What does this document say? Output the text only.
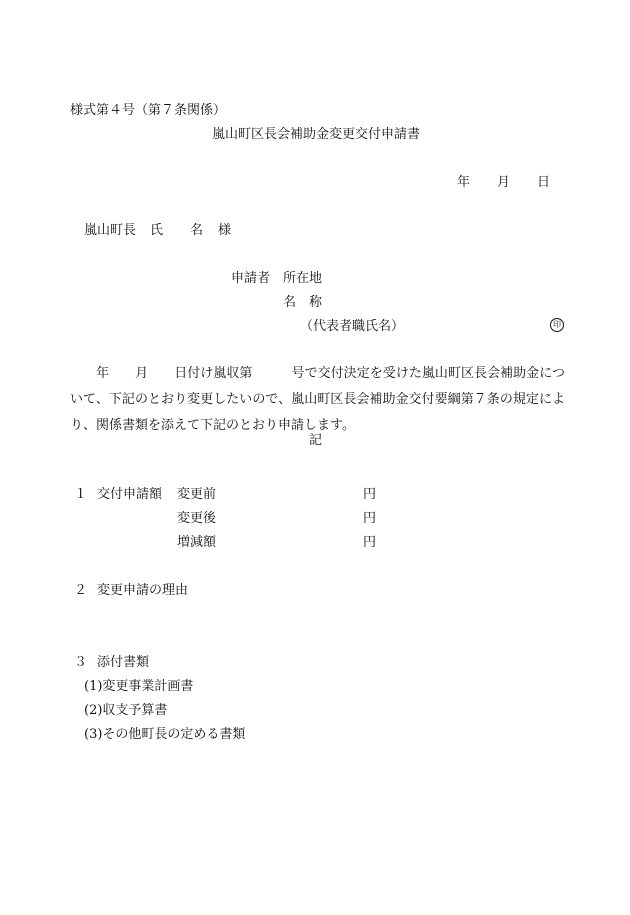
様式第４号（第７条関係）
嵐山町区長会補助金変更交付申請書
年 月 日
嵐山町長 氏 名 様
申請者 所在地
名 称
（代表者職氏名）	印
年　　月　　日付け嵐収第　　　号で交付決定を受けた嵐山町区長会補助金について、下記のとおり変更したいので、嵐山町区長会補助金交付要綱第７条の規定により、関係書類を添えて下記のとおり申請します。
記
１ 交付申請額 変更前	円
変更後	円
増減額	円
２ 変更申請の理由
３ 添付書類
(1)変更事業計画書
(2)収支予算書
(3)その他町長の定める書類
